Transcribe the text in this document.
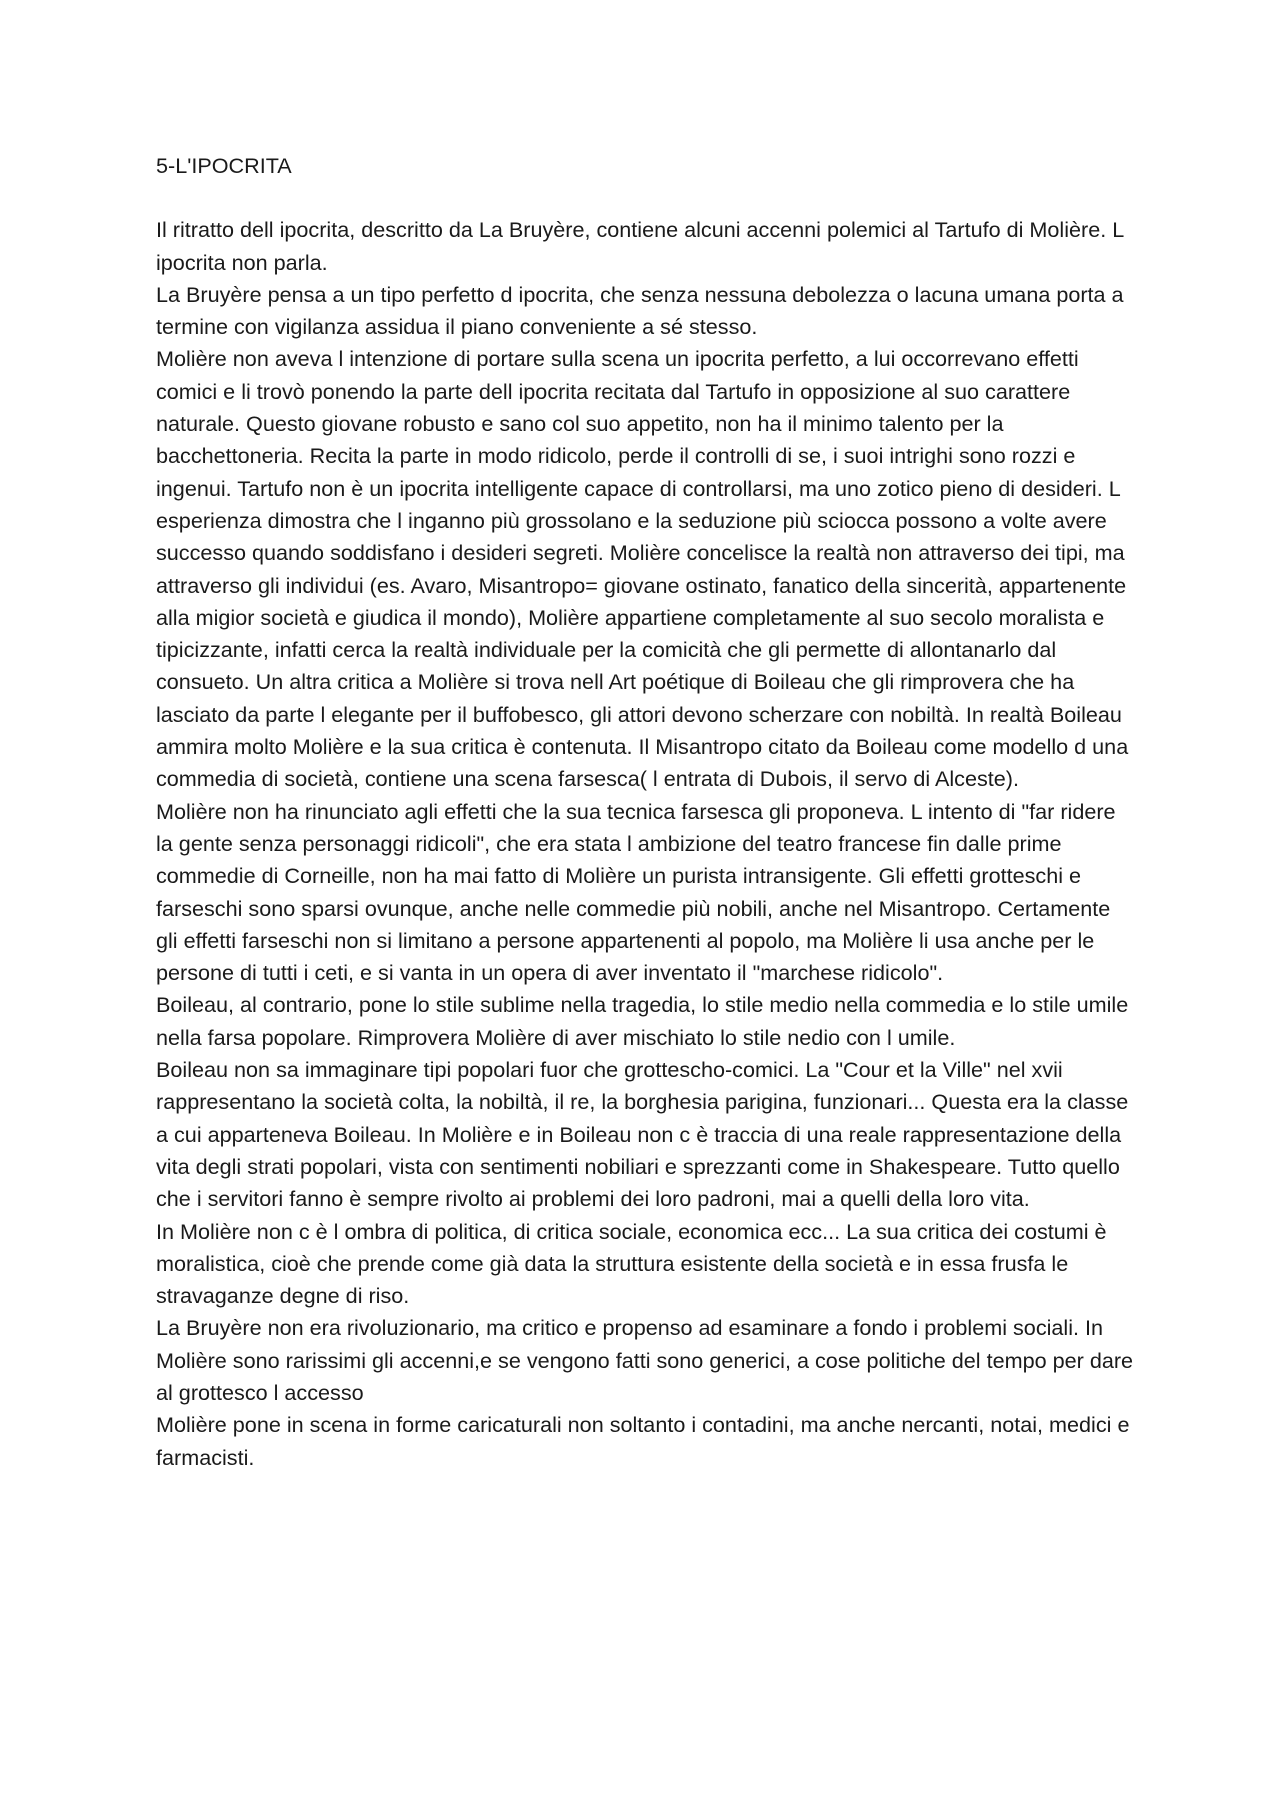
5-L'IPOCRITA

Il ritratto dell ipocrita, descritto da La Bruyère, contiene alcuni accenni polemici al Tartufo di Molière. L ipocrita non parla.

La Bruyère pensa a un tipo perfetto d ipocrita, che senza nessuna debolezza o lacuna umana porta a termine con vigilanza assidua il piano conveniente a sé stesso.

Molière non aveva l intenzione di portare sulla scena un ipocrita perfetto, a lui occorrevano effetti comici e li trovò ponendo la parte dell ipocrita recitata dal Tartufo in opposizione al suo carattere naturale. Questo giovane robusto e sano col suo appetito, non ha il minimo talento per la bacchettoneria. Recita la parte in modo ridicolo, perde il controlli di se, i suoi intrighi sono rozzi e ingenui. Tartufo non è un ipocrita intelligente capace di controllarsi, ma uno zotico pieno di desideri. L esperienza dimostra che l inganno più grossolano e la seduzione più sciocca possono a volte avere successo quando soddisfano i desideri segreti. Molière concelisce la realtà non attraverso dei tipi, ma attraverso gli individui (es. Avaro, Misantropo= giovane ostinato, fanatico della sincerità, appartenente alla migior società e giudica il mondo), Molière appartiene completamente al suo secolo moralista e tipicizzante, infatti cerca la realtà individuale per la comicità che gli permette di allontanarlo dal consueto. Un altra critica a Molière si trova nell Art poétique di Boileau che gli rimprovera che ha lasciato da parte l elegante per il buffobesco, gli attori devono scherzare con nobiltà. In realtà Boileau ammira molto Molière e la sua critica è contenuta. Il Misantropo citato da Boileau come modello d una commedia di società, contiene una scena farsesca( l entrata di Dubois, il servo di Alceste).

Molière non ha rinunciato agli effetti che la sua tecnica farsesca gli proponeva. L intento di "far ridere la gente senza personaggi ridicoli", che era stata l ambizione del teatro francese fin dalle prime commedie di Corneille, non ha mai fatto di Molière un purista intransigente. Gli effetti grotteschi e farseschi sono sparsi ovunque, anche nelle commedie più nobili, anche nel Misantropo. Certamente gli effetti farseschi non si limitano a persone appartenenti al popolo, ma Molière li usa anche per le persone di tutti i ceti, e si vanta in un opera di aver inventato il "marchese ridicolo".

Boileau, al contrario, pone lo stile sublime nella tragedia, lo stile medio nella commedia e lo stile umile nella farsa popolare. Rimprovera Molière di aver mischiato lo stile nedio con l umile.

Boileau non sa immaginare tipi popolari fuor che grottescho-comici. La "Cour et la Ville" nel xvii rappresentano la società colta, la nobiltà, il re, la borghesia parigina, funzionari... Questa era la classe a cui apparteneva Boileau. In Molière e in Boileau non c è traccia di una reale rappresentazione della vita degli strati popolari, vista con sentimenti nobiliari e sprezzanti come in Shakespeare. Tutto quello che i servitori fanno è sempre rivolto ai problemi dei loro padroni, mai a quelli della loro vita.

In Molière non c è l ombra di politica, di critica sociale, economica ecc... La sua critica dei costumi è moralistica, cioè che prende come già data la struttura esistente della società e in essa frusfa le stravaganze degne di riso.

La Bruyère non era rivoluzionario, ma critico e propenso ad esaminare a fondo i problemi sociali. In Molière sono rarissimi gli accenni,e se vengono fatti sono generici, a cose politiche del tempo per dare al grottesco l accesso

Molière pone in scena in forme caricaturali non soltanto i contadini, ma anche nercanti, notai, medici e farmacisti.
